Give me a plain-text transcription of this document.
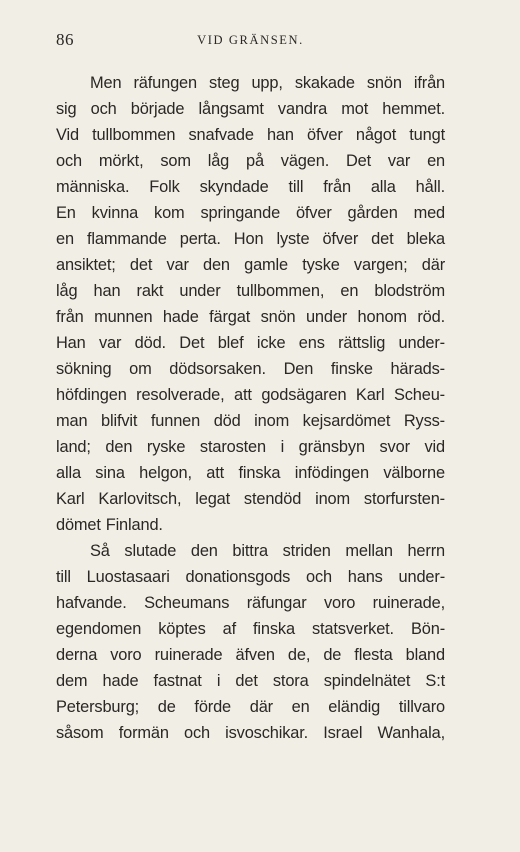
86	VID GRÄNSEN.
Men räfungen steg upp, skakade snön ifrån
sig och började långsamt vandra mot hemmet.
Vid tullbommen snafvade han öfver något tungt
och mörkt, som låg på vägen. Det var en
människa. Folk skyndade till från alla håll.
En kvinna kom springande öfver gården med
en flammande perta. Hon lyste öfver det bleka
ansiktet; det var den gamle tyske vargen; där
låg han rakt under tullbommen, en blodström
från munnen hade färgat snön under honom röd.
Han var död. Det blef icke ens rättslig under-
sökning om dödsorsaken. Den finske härads-
höfdingen resolverade, att godsägaren Karl Scheu-
man blifvit funnen död inom kejsardömet Ryss-
land; den ryske starosten i gränsbyn svor vid
alla sina helgon, att finska infödingen välborne
Karl Karlovitsch, legat stendöd inom storfursten-
dömet Finland.
Så slutade den bittra striden mellan herrn
till Luostasaari donationsgods och hans under-
hafvande. Scheumans räfungar voro ruinerade,
egendomen köptes af finska statsverket. Bön-
derna voro ruinerade äfven de, de flesta bland
dem hade fastnat i det stora spindelnätet S:t
Petersburg; de förde där en eländig tillvaro
såsom formän och isvoschikar. Israel Wanhala,
